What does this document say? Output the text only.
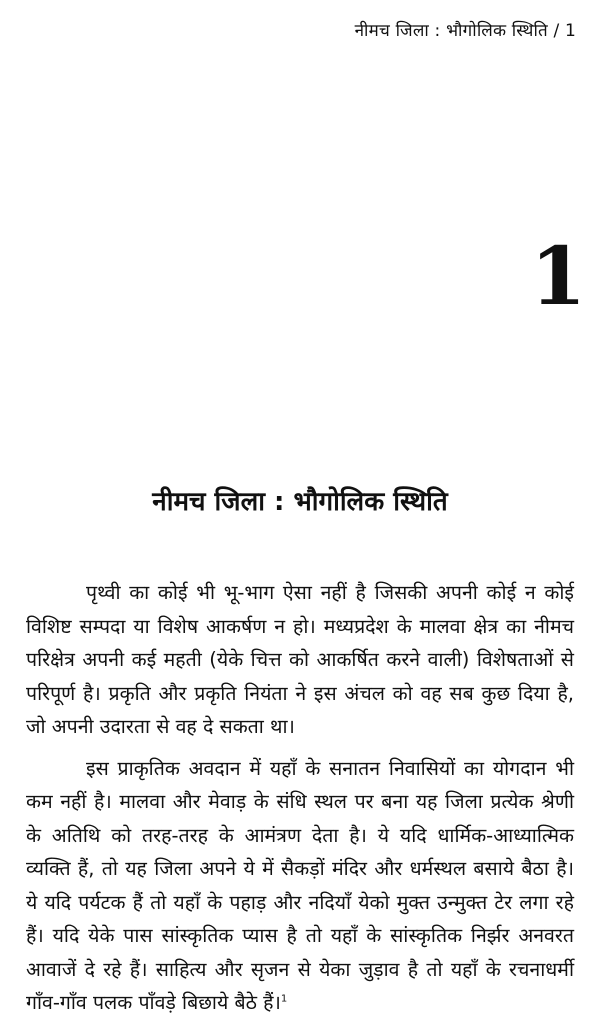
नीमच जिला : भौगोलिक स्थिति / 1
1
नीमच जिला : भौगोलिक स्थिति

पृथ्वी का कोई भी भू-भाग ऐसा नहीं है जिसकी अपनी कोई न कोई विशिष्ट सम्पदा या विशेष आकर्षण न हो। मध्यप्रदेश के मालवा क्षेत्र का नीमच परिक्षेत्र अपनी कई महती (येके चित्त को आकर्षित करने वाली) विशेषताओं से परिपूर्ण है। प्रकृति और प्रकृति नियंता ने इस अंचल को वह सब कुछ दिया है, जो अपनी उदारता से वह दे सकता था।

इस प्राकृतिक अवदान में यहाँ के सनातन निवासियों का योगदान भी कम नहीं है। मालवा और मेवाड़ के संधि स्थल पर बना यह जिला प्रत्येक श्रेणी के अतिथि को तरह-तरह के आमंत्रण देता है। ये यदि धार्मिक-आध्यात्मिक व्यक्ति हैं, तो यह जिला अपने ये में सैकड़ों मंदिर और धर्मस्थल बसाये बैठा है। ये यदि पर्यटक हैं तो यहाँ के पहाड़ और नदियाँ येको मुक्त उन्मुक्त टेर लगा रहे हैं। यदि येके पास सांस्कृतिक प्यास है तो यहाँ के सांस्कृतिक निर्झर अनवरत आवाजें दे रहे हैं। साहित्य और सृजन से येका जुड़ाव है तो यहाँ के रचनाधर्मी गाँव-गाँव पलक पाँवड़े बिछाये बैठे हैं।$^1$
